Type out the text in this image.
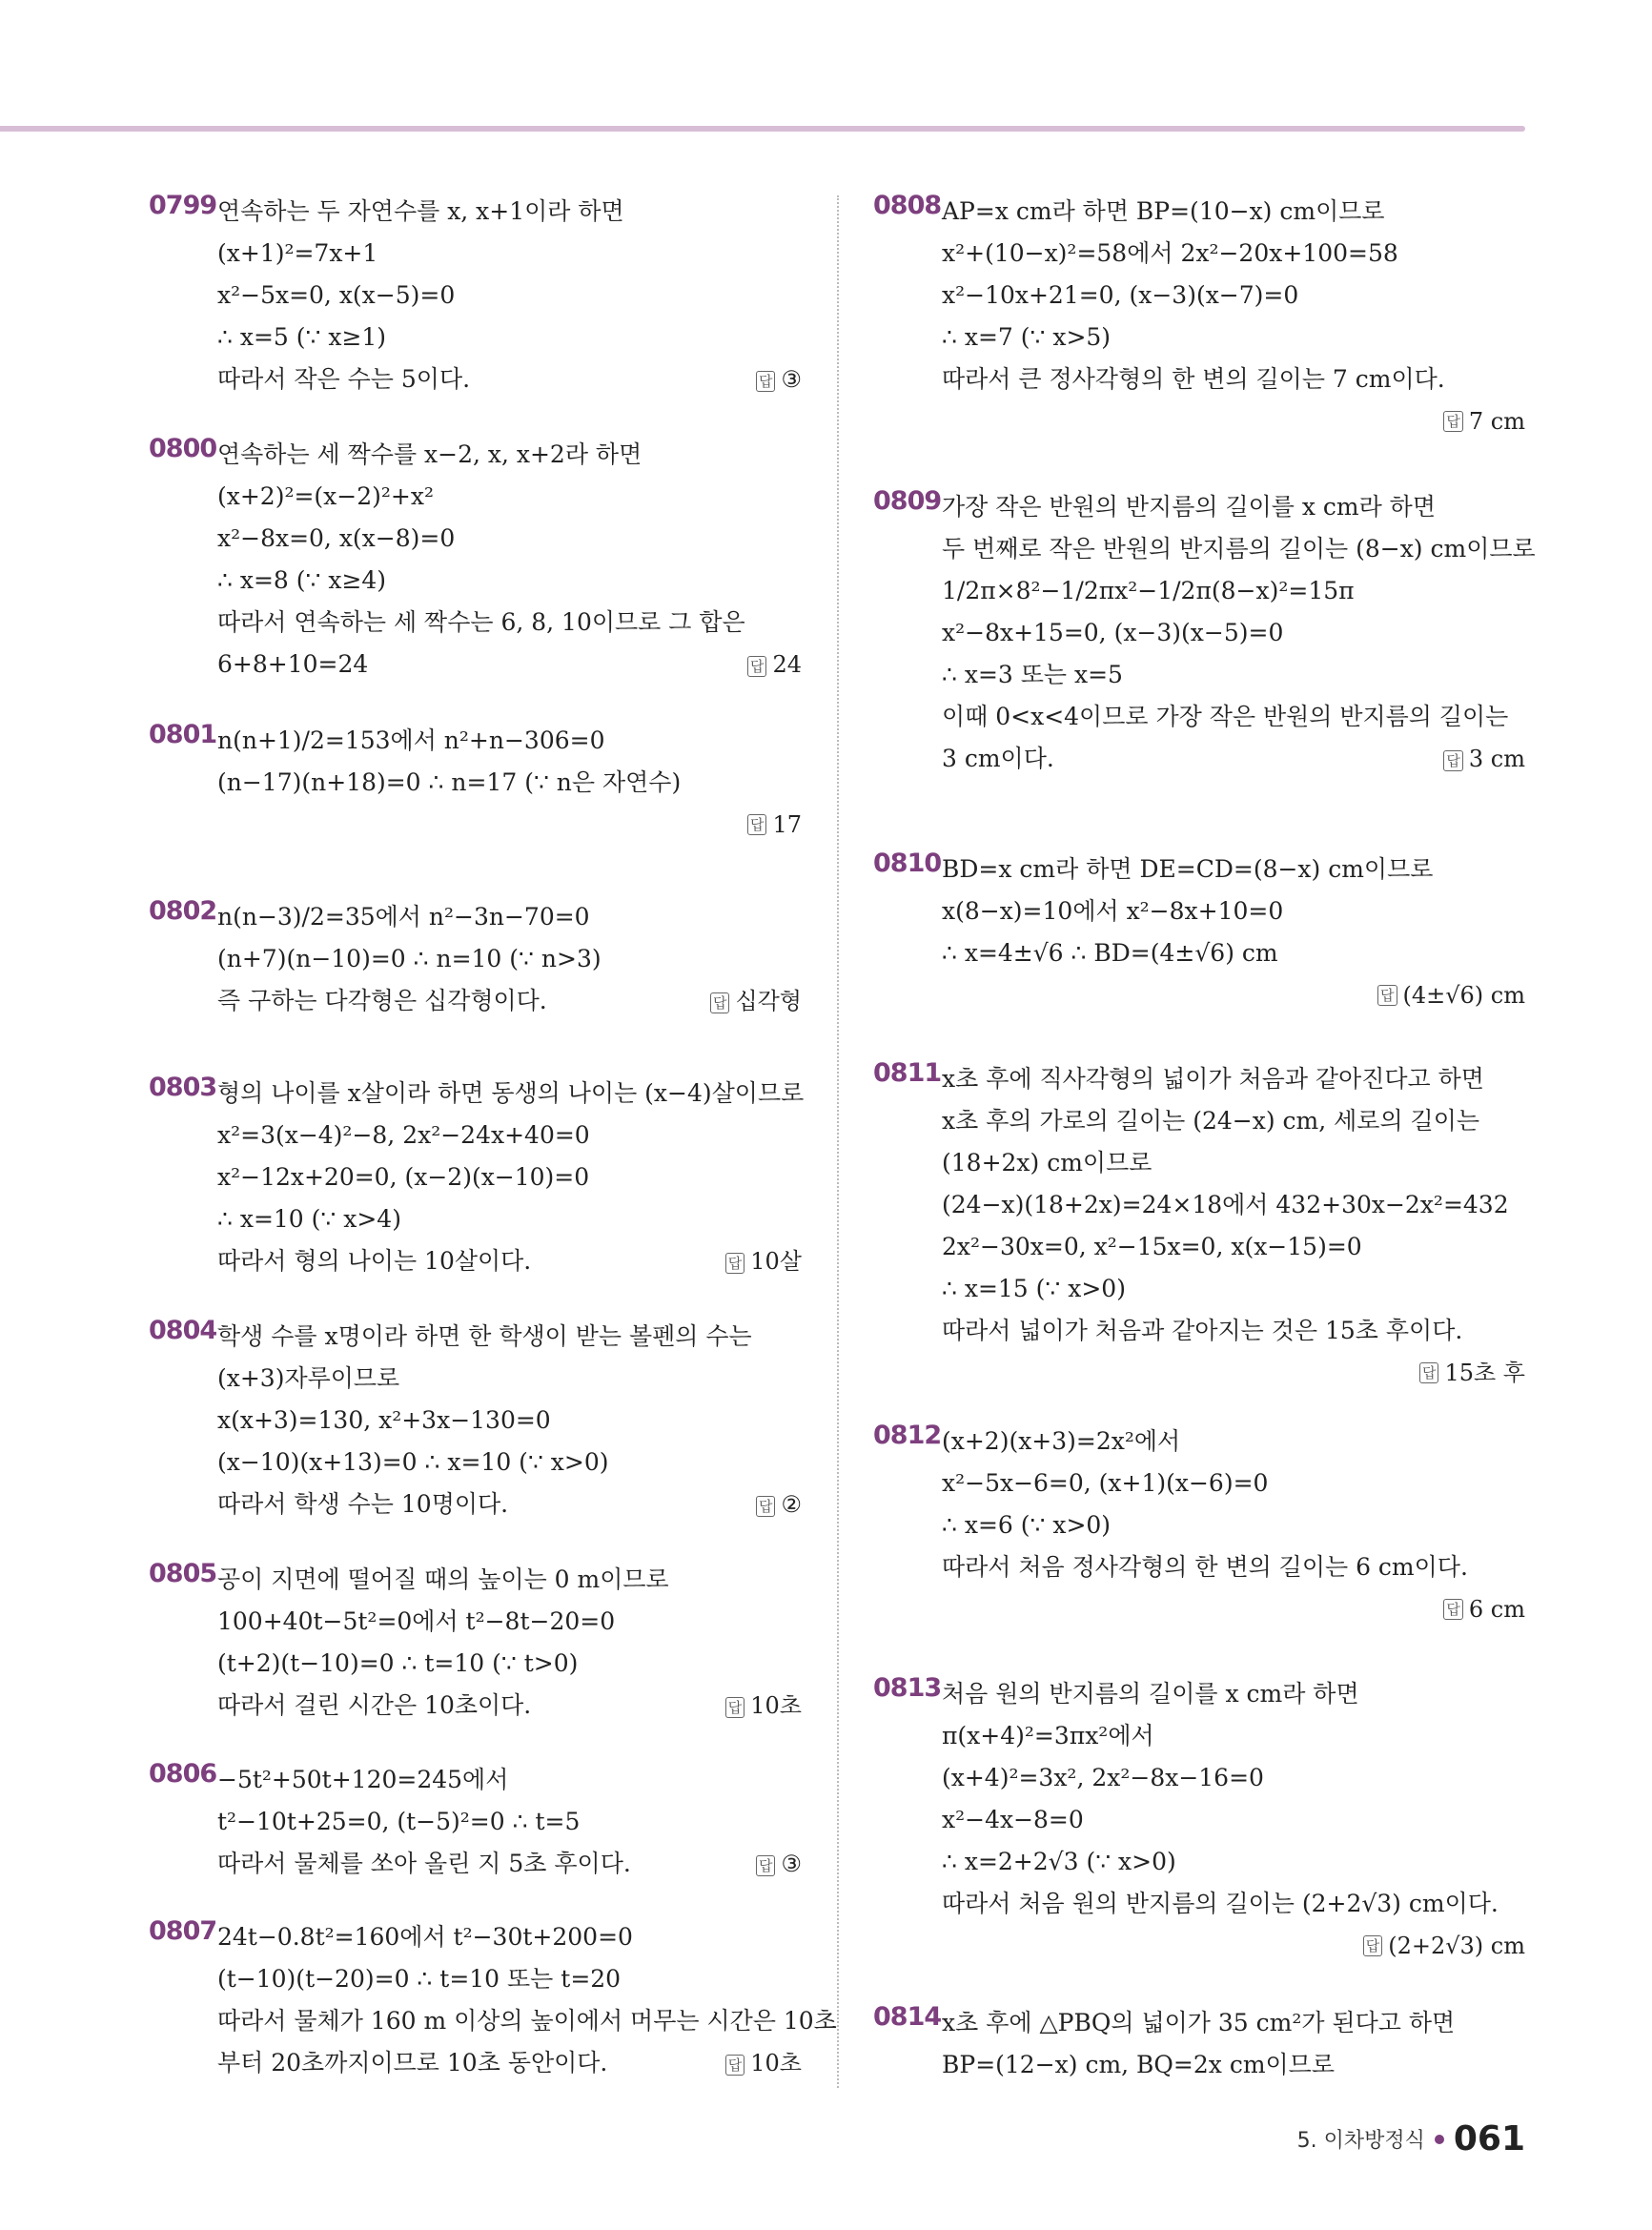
0799 연속하는 두 자연수를 x, x+1이라 하면
(x+1)²=7x+1
x²−5x=0, x(x−5)=0
∴ x=5 (∵ x≥1)
따라서 작은 수는 5이다.	답 ③
0800 연속하는 세 짝수를 x−2, x, x+2라 하면
(x+2)²=(x−2)²+x²
x²−8x=0, x(x−8)=0
∴ x=8 (∵ x≥4)
따라서 연속하는 세 짝수는 6, 8, 10이므로 그 합은
6+8+10=24	답 24
0801 n(n+1)/2=153에서 n²+n−306=0
(n−17)(n+18)=0 ∴ n=17 (∵ n은 자연수)
답 17
0802 n(n−3)/2=35에서 n²−3n−70=0
(n+7)(n−10)=0 ∴ n=10 (∵ n>3)
즉 구하는 다각형은 십각형이다.	답 십각형
0803 형의 나이를 x살이라 하면 동생의 나이는 (x−4)살이므로
x²=3(x−4)²−8, 2x²−24x+40=0
x²−12x+20=0, (x−2)(x−10)=0
∴ x=10 (∵ x>4)
따라서 형의 나이는 10살이다.	답 10살
0804 학생 수를 x명이라 하면 한 학생이 받는 볼펜의 수는
(x+3)자루이므로
x(x+3)=130, x²+3x−130=0
(x−10)(x+13)=0 ∴ x=10 (∵ x>0)
따라서 학생 수는 10명이다.	답 ②
0805 공이 지면에 떨어질 때의 높이는 0 m이므로
100+40t−5t²=0에서 t²−8t−20=0
(t+2)(t−10)=0 ∴ t=10 (∵ t>0)
따라서 걸린 시간은 10초이다.	답 10초
0806 −5t²+50t+120=245에서
t²−10t+25=0, (t−5)²=0 ∴ t=5
따라서 물체를 쏘아 올린 지 5초 후이다.	답 ③
0807 24t−0.8t²=160에서 t²−30t+200=0
(t−10)(t−20)=0 ∴ t=10 또는 t=20
따라서 물체가 160 m 이상의 높이에서 머무는 시간은 10초
부터 20초까지이므로 10초 동안이다.	답 10초
0808 AP=x cm라 하면 BP=(10−x) cm이므로
x²+(10−x)²=58에서 2x²−20x+100=58
x²−10x+21=0, (x−3)(x−7)=0
∴ x=7 (∵ x>5)
따라서 큰 정사각형의 한 변의 길이는 7 cm이다.
답 7 cm
0809 가장 작은 반원의 반지름의 길이를 x cm라 하면
두 번째로 작은 반원의 반지름의 길이는 (8−x) cm이므로
1/2π×8²−1/2πx²−1/2π(8−x)²=15π
x²−8x+15=0, (x−3)(x−5)=0
∴ x=3 또는 x=5
이때 0<x<4이므로 가장 작은 반원의 반지름의 길이는
3 cm이다.	답 3 cm
0810 BD=x cm라 하면 DE=CD=(8−x) cm이므로
x(8−x)=10에서 x²−8x+10=0
∴ x=4±√6 ∴ BD=(4±√6) cm
답 (4±√6) cm
0811 x초 후에 직사각형의 넓이가 처음과 같아진다고 하면
x초 후의 가로의 길이는 (24−x) cm, 세로의 길이는
(18+2x) cm이므로
(24−x)(18+2x)=24×18에서 432+30x−2x²=432
2x²−30x=0, x²−15x=0, x(x−15)=0
∴ x=15 (∵ x>0)
따라서 넓이가 처음과 같아지는 것은 15초 후이다.
답 15초 후
0812 (x+2)(x+3)=2x²에서
x²−5x−6=0, (x+1)(x−6)=0
∴ x=6 (∵ x>0)
따라서 처음 정사각형의 한 변의 길이는 6 cm이다.
답 6 cm
0813 처음 원의 반지름의 길이를 x cm라 하면
π(x+4)²=3πx²에서
(x+4)²=3x², 2x²−8x−16=0
x²−4x−8=0
∴ x=2+2√3 (∵ x>0)
따라서 처음 원의 반지름의 길이는 (2+2√3) cm이다.
답 (2+2√3) cm
0814 x초 후에 △PBQ의 넓이가 35 cm²가 된다고 하면
BP=(12−x) cm, BQ=2x cm이므로
5. 이차방정식 061
